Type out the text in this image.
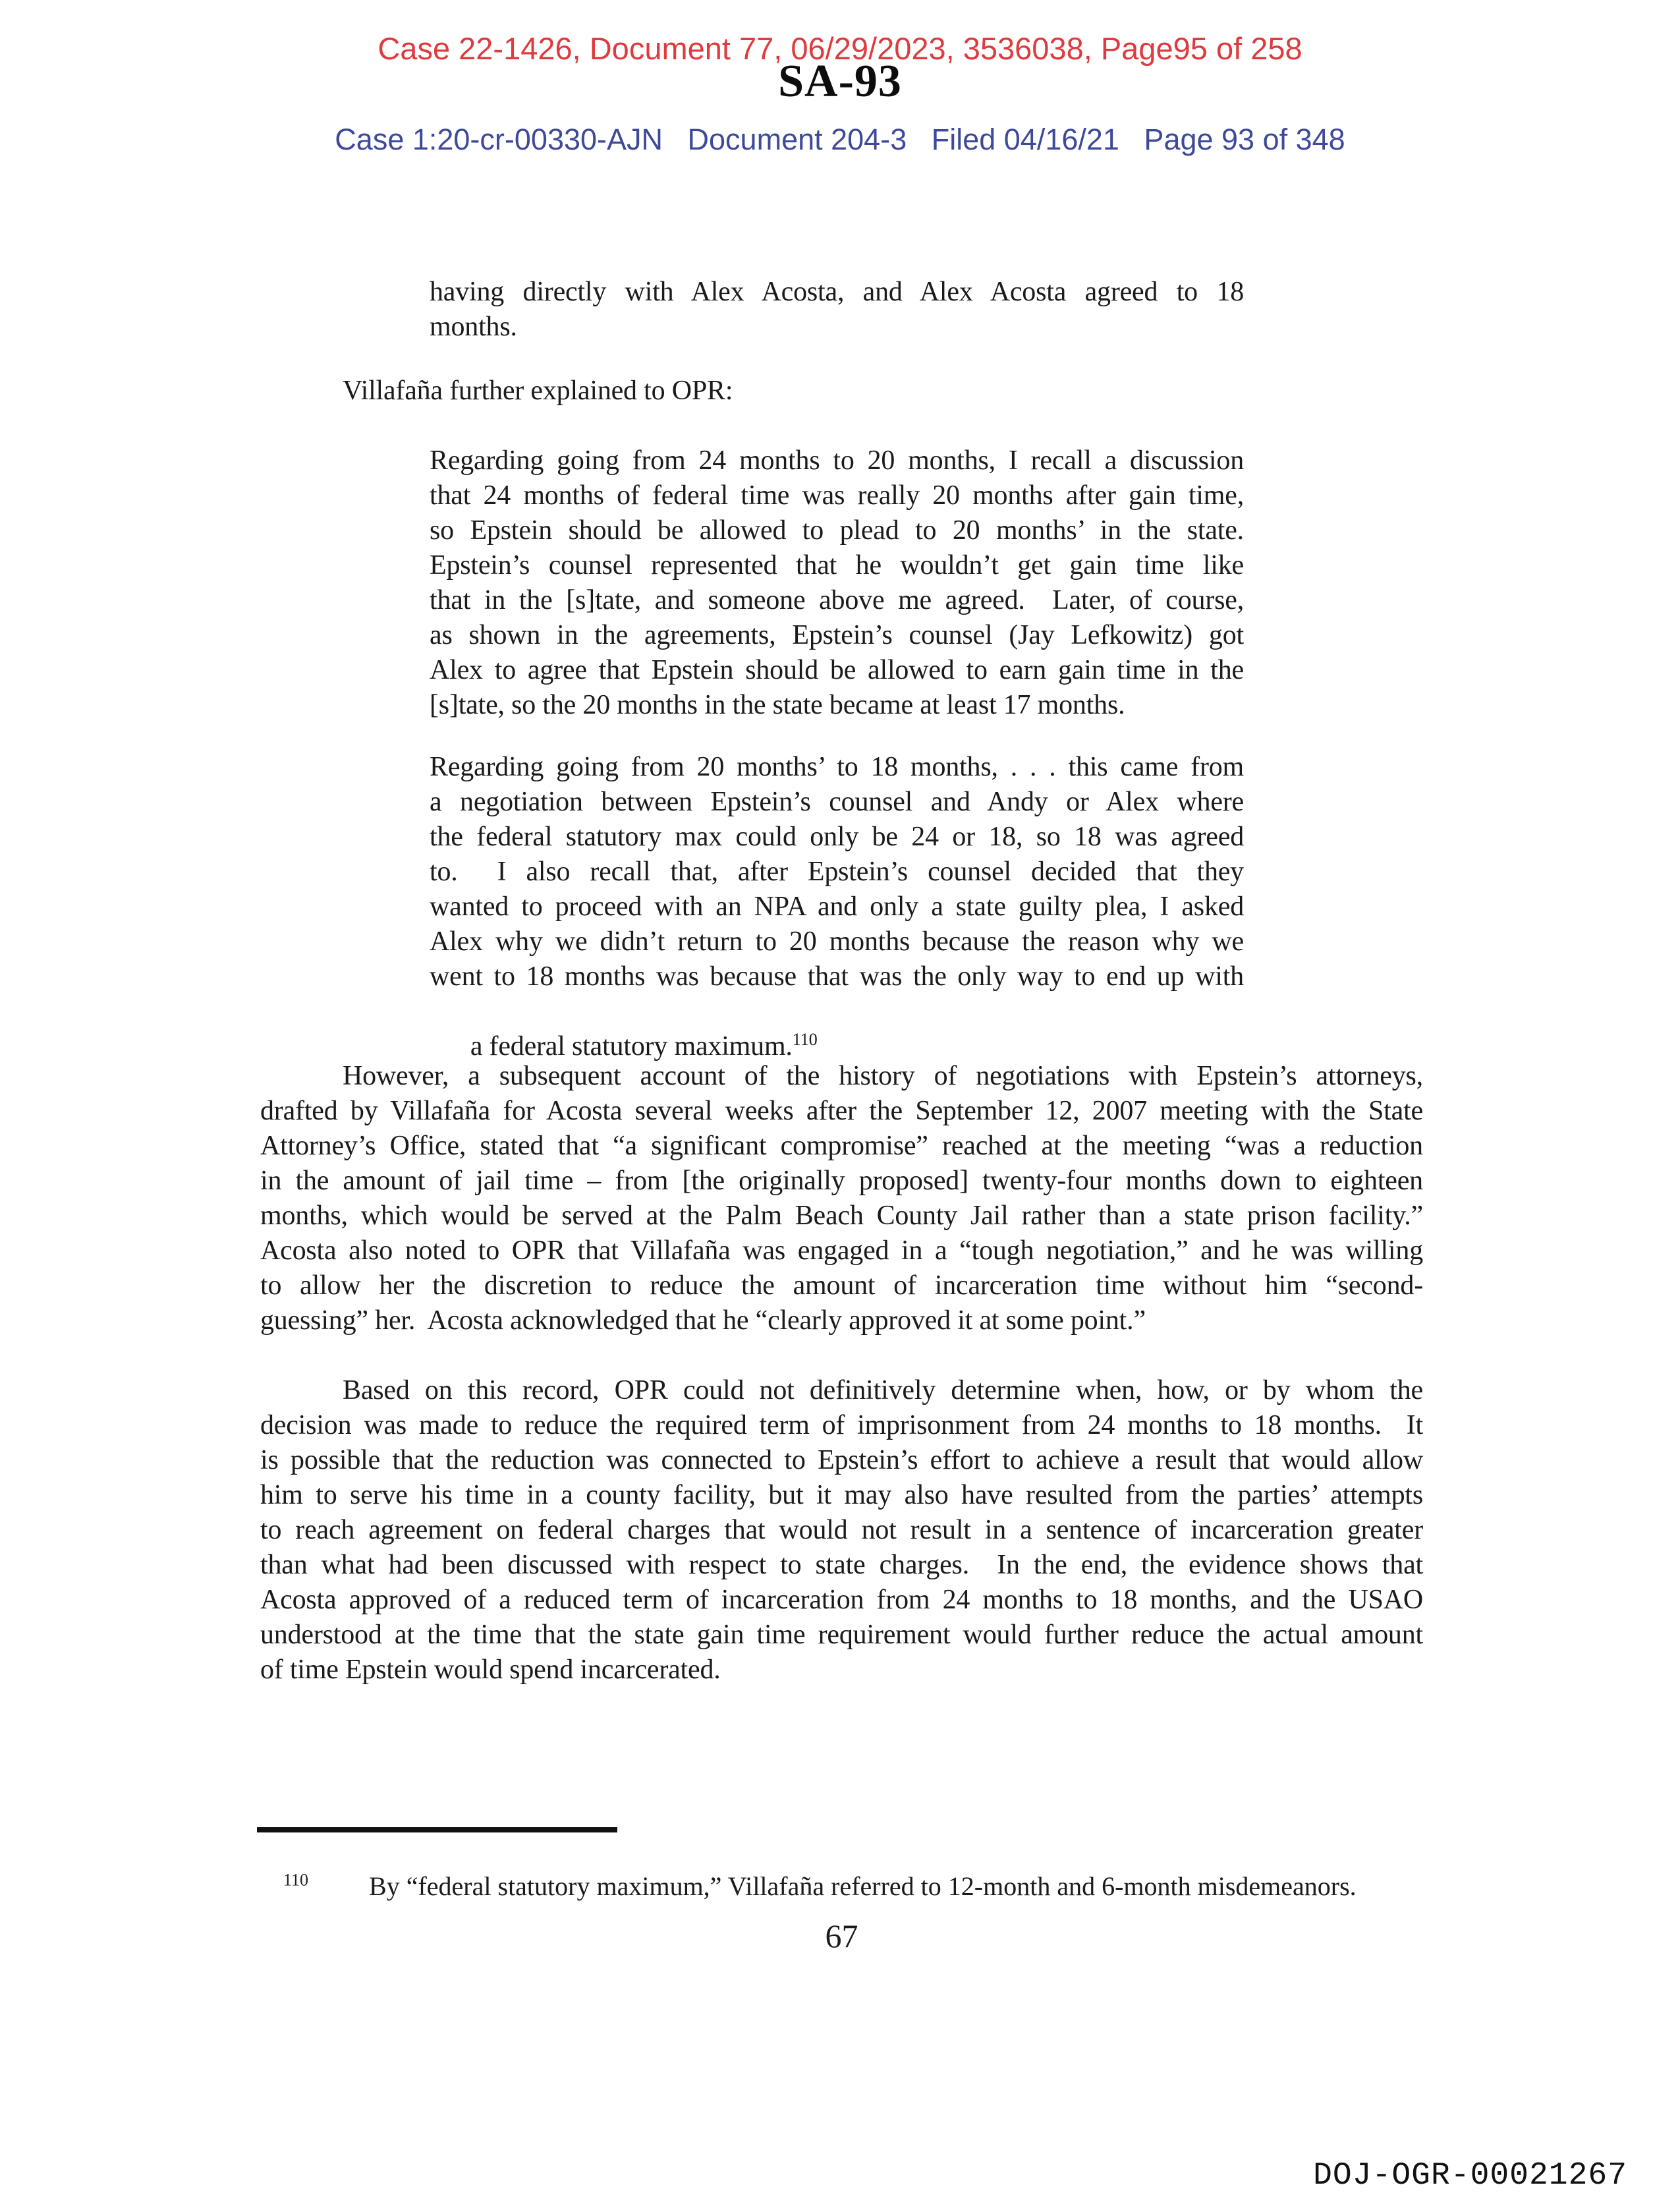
Case 22-1426, Document 77, 06/29/2023, 3536038, Page95 of 258
SA-93
Case 1:20-cr-00330-AJN   Document 204-3   Filed 04/16/21   Page 93 of 348
having directly with Alex Acosta, and Alex Acosta agreed to 18
months.
Villafaña further explained to OPR:
Regarding going from 24 months to 20 months, I recall a discussion
that 24 months of federal time was really 20 months after gain time,
so Epstein should be allowed to plead to 20 months’ in the state.
Epstein’s counsel represented that he wouldn’t get gain time like
that in the [s]tate, and someone above me agreed.  Later, of course,
as shown in the agreements, Epstein’s counsel (Jay Lefkowitz) got
Alex to agree that Epstein should be allowed to earn gain time in the
[s]tate, so the 20 months in the state became at least 17 months.
Regarding going from 20 months’ to 18 months, . . . this came from
a negotiation between Epstein’s counsel and Andy or Alex where
the federal statutory max could only be 24 or 18, so 18 was agreed
to.  I also recall that, after Epstein’s counsel decided that they
wanted to proceed with an NPA and only a state guilty plea, I asked
Alex why we didn’t return to 20 months because the reason why we
went to 18 months was because that was the only way to end up with

a federal statutory maximum.$^{110}$

However, a subsequent account of the history of negotiations with Epstein’s attorneys,
drafted by Villafaña for Acosta several weeks after the September 12, 2007 meeting with the State
Attorney’s Office, stated that “a significant compromise” reached at the meeting “was a reduction
in the amount of jail time – from [the originally proposed] twenty-four months down to eighteen
months, which would be served at the Palm Beach County Jail rather than a state prison facility.”
Acosta also noted to OPR that Villafaña was engaged in a “tough negotiation,” and he was willing
to allow her the discretion to reduce the amount of incarceration time without him “second-
guessing” her.  Acosta acknowledged that he “clearly approved it at some point.”
Based on this record, OPR could not definitively determine when, how, or by whom the
decision was made to reduce the required term of imprisonment from 24 months to 18 months.  It
is possible that the reduction was connected to Epstein’s effort to achieve a result that would allow
him to serve his time in a county facility, but it may also have resulted from the parties’ attempts
to reach agreement on federal charges that would not result in a sentence of incarceration greater
than what had been discussed with respect to state charges.  In the end, the evidence shows that
Acosta approved of a reduced term of incarceration from 24 months to 18 months, and the USAO
understood at the time that the state gain time requirement would further reduce the actual amount
of time Epstein would spend incarcerated.

$^{110}$ By “federal statutory maximum,” Villafaña referred to 12-month and 6-month misdemeanors.

67
DOJ-OGR-00021267
